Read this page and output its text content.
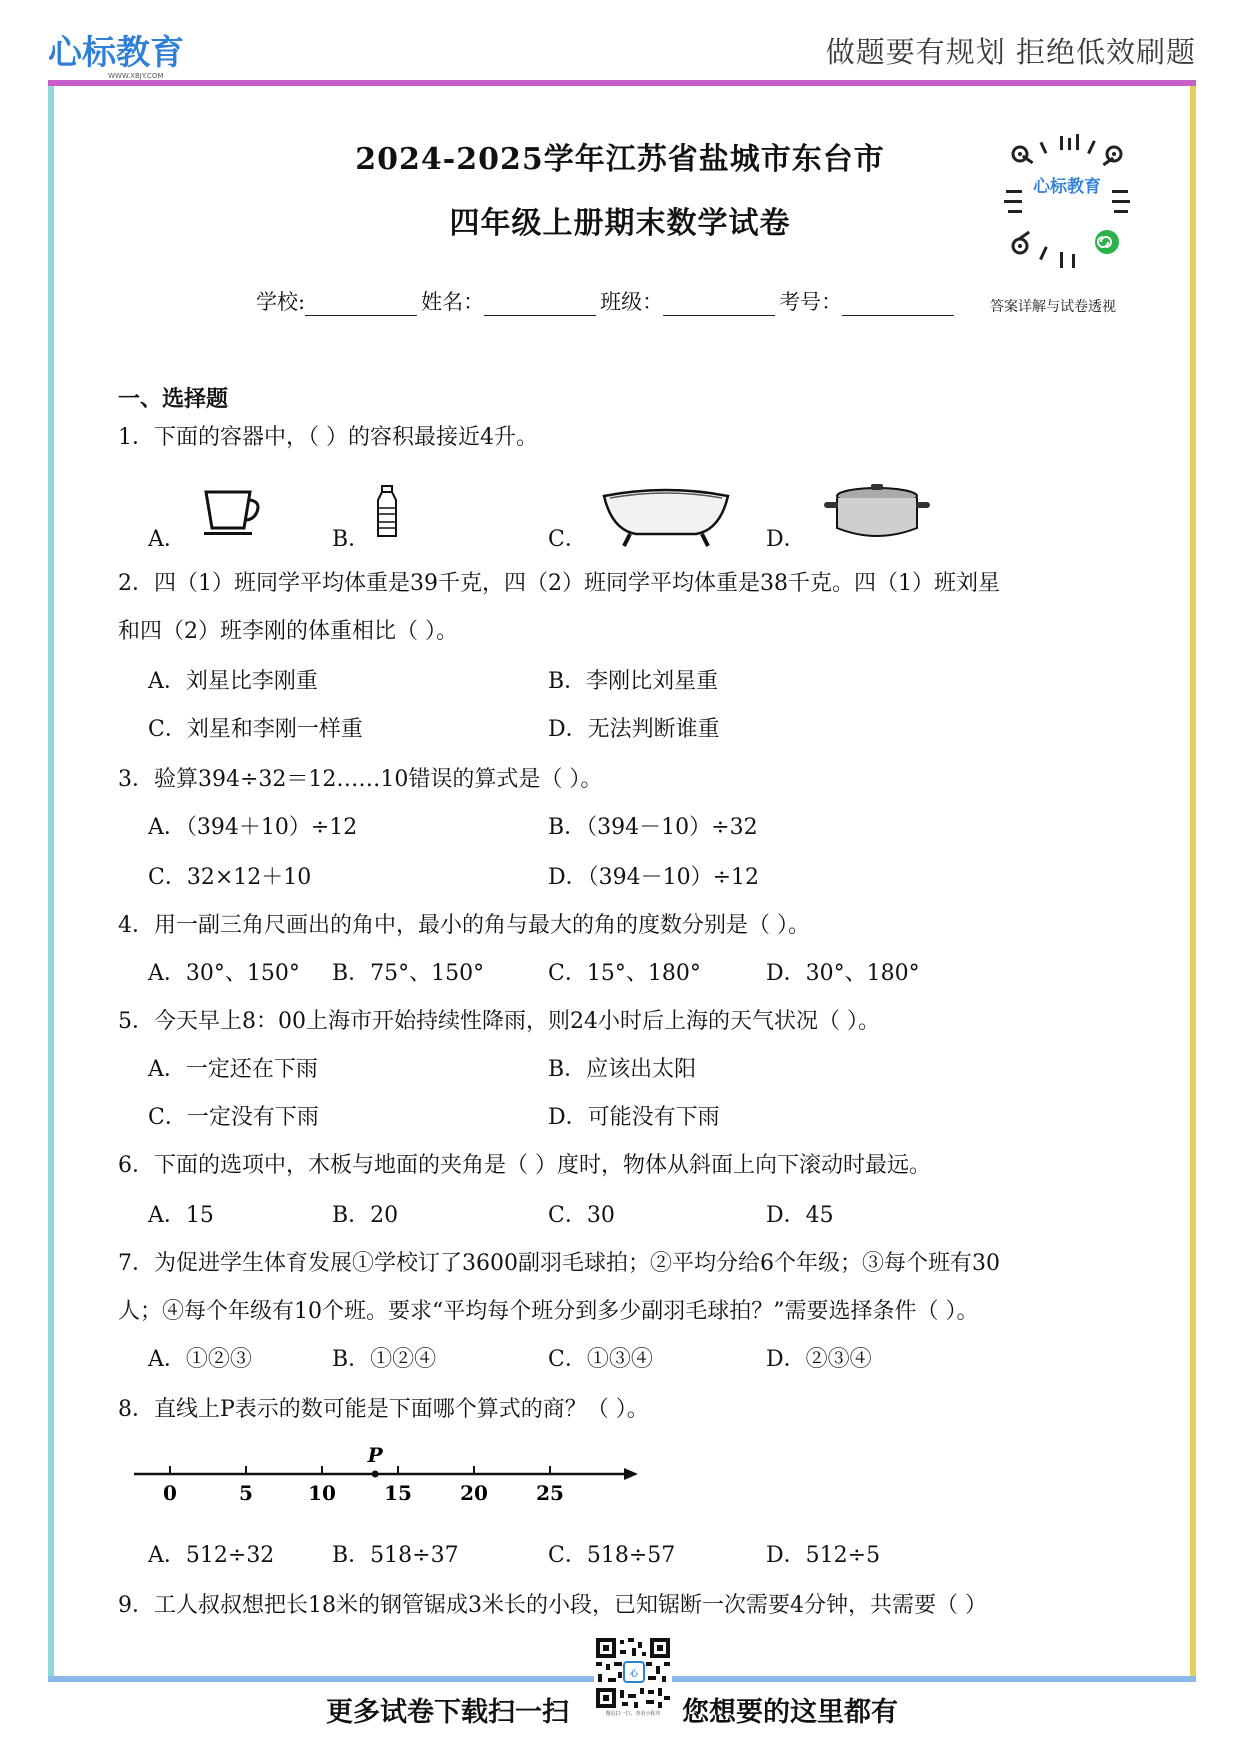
心标教育
WWW.XBJY.COM
做题要有规划 拒绝低效刷题
2024-2025学年江苏省盐城市东台市
四年级上册期末数学试卷
心标教育
答案详解与试卷透视
学校:	姓名：	班级：	考号：
一、选择题
1．下面的容器中，（ ）的容积最接近4升。
A．	B．	C．	D．
2．四（1）班同学平均体重是39千克，四（2）班同学平均体重是38千克。四（1）班刘星
和四（2）班李刚的体重相比（ ）。
A．刘星比李刚重	B．李刚比刘星重
C．刘星和李刚一样重	D．无法判断谁重
3．验算394÷32＝12……10错误的算式是（ ）。
A．（394＋10）÷12	B．（394－10）÷32
C．32×12＋10	D．（394－10）÷12
4．用一副三角尺画出的角中，最小的角与最大的角的度数分别是（ ）。
A．30°、150° B．75°、150°	C．15°、180°	D．30°、180°
5．今天早上8：00上海市开始持续性降雨，则24小时后上海的天气状况（ ）。
A．一定还在下雨	B．应该出太阳
C．一定没有下雨	D．可能没有下雨
6．下面的选项中，木板与地面的夹角是（ ）度时，物体从斜面上向下滚动时最远。
A．15	B．20	C．30	D．45
7．为促进学生体育发展①学校订了3600副羽毛球拍；②平均分给6个年级；③每个班有30
人；④每个年级有10个班。要求“平均每个班分到多少副羽毛球拍？”需要选择条件（ ）。
A．①②③	B．①②④	C．①③④	D．②③④
8．直线上P表示的数可能是下面哪个算式的商？（ ）。
0	5	10 15 20 25
P
A．512÷32	B．518÷37	C．518÷57	D．512÷5
9．工人叔叔想把长18米的钢管锯成3米长的小段，已知锯断一次需要4分钟，共需要（ ）
更多试卷下载扫一扫
心
微信扫一扫，查看小程序 您想要的这里都有
